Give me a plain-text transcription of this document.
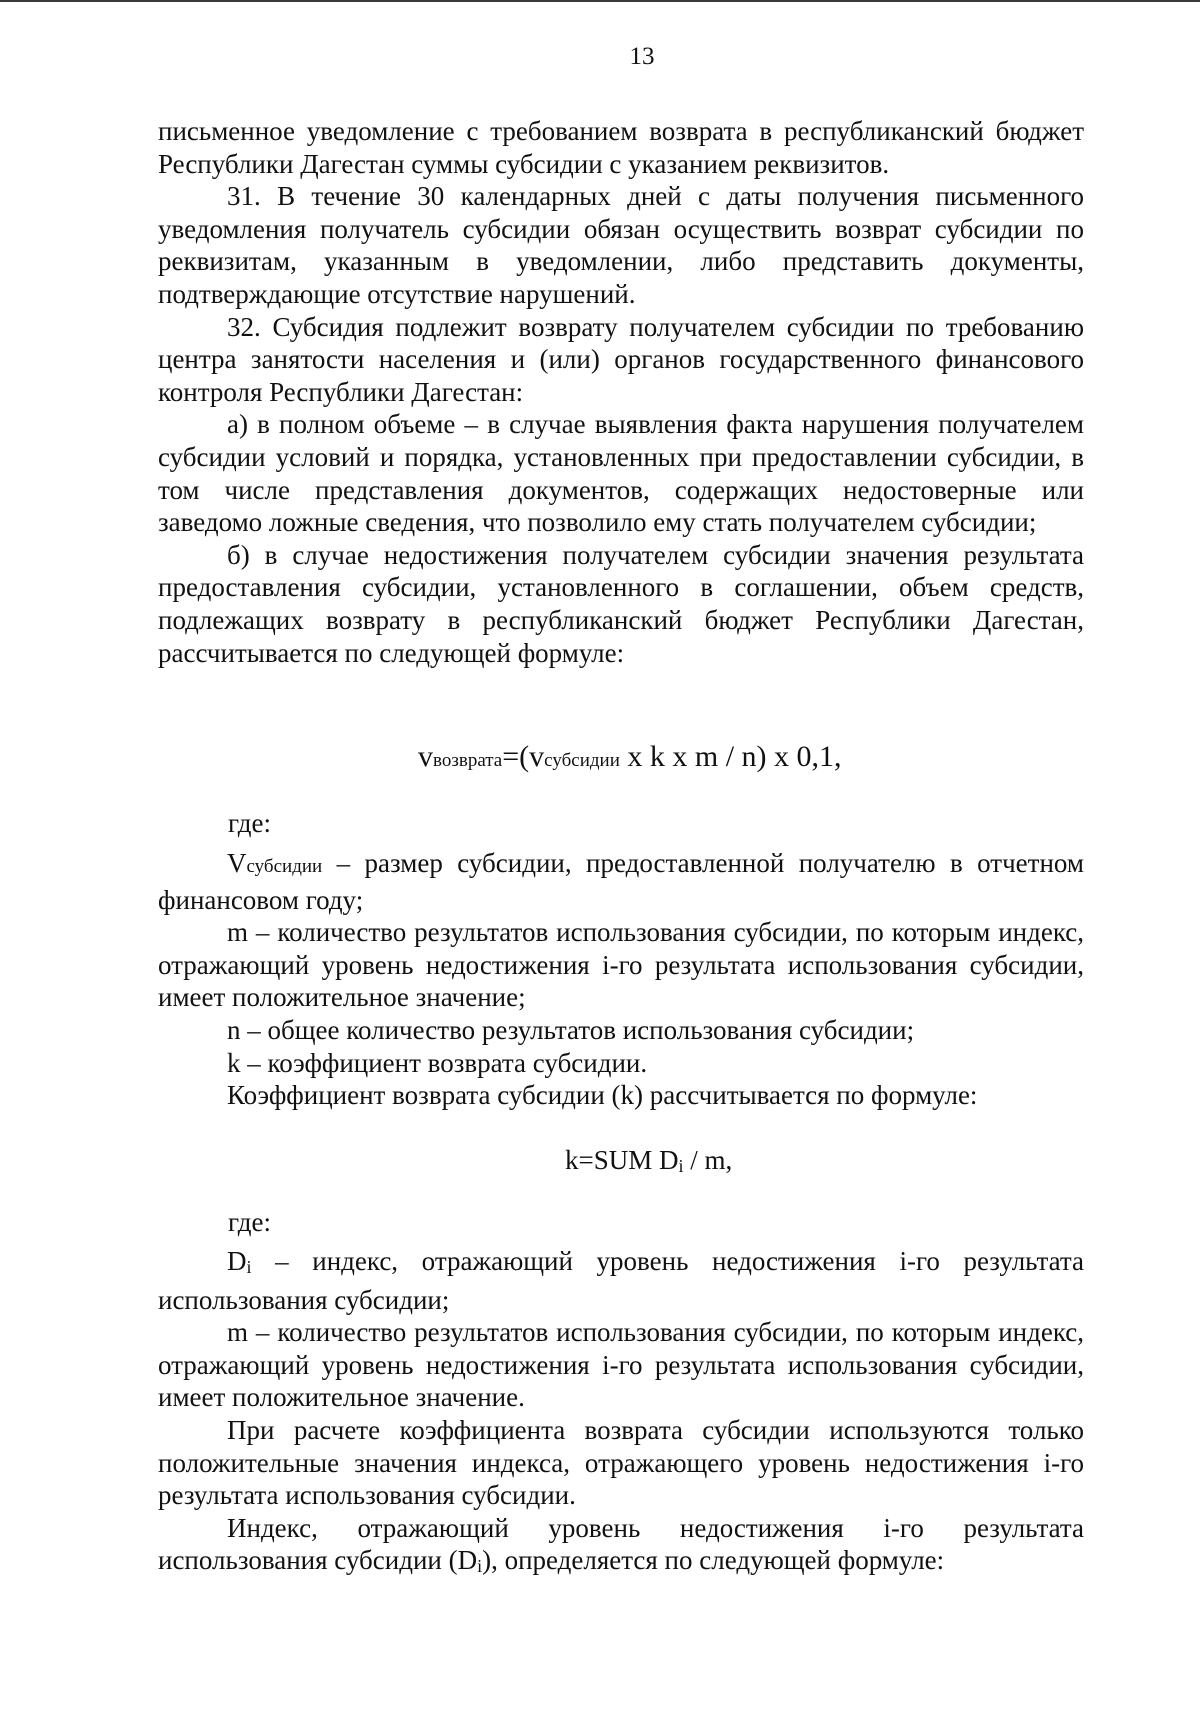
13

письменное уведомление с требованием возврата в республиканский бюджет Республики Дагестан суммы субсидии с указанием реквизитов.

31. В течение 30 календарных дней с даты получения письменного уведомления получатель субсидии обязан осуществить возврат субсидии по реквизитам, указанным в уведомлении, либо представить документы, подтверждающие отсутствие нарушений.

32. Субсидия подлежит возврату получателем субсидии по требованию центра занятости населения и (или) органов государственного финансового контроля Республики Дагестан:

а) в полном объеме – в случае выявления факта нарушения получателем субсидии условий и порядка, установленных при предоставлении субсидии, в том числе представления документов, содержащих недостоверные или заведомо ложные сведения, что позволило ему стать получателем субсидии;

б) в случае недостижения получателем субсидии значения результата предоставления субсидии, установленного в соглашении, объем средств, подлежащих возврату в республиканский бюджет Республики Дагестан, рассчитывается по следующей формуле:

vвозврата=(vсубсидии x k x m / n) x 0,1,
где:

Vсубсидии – размер субсидии, предоставленной получателю в отчетном финансовом году;

m – количество результатов использования субсидии, по которым индекс, отражающий уровень недостижения i-го результата использования субсидии, имеет положительное значение;

n – общее количество результатов использования субсидии;

k – коэффициент возврата субсидии.

Коэффициент возврата субсидии (k) рассчитывается по формуле:

k=SUM Di / m,
где:

Di – индекс, отражающий уровень недостижения i-го результата использования субсидии;

m – количество результатов использования субсидии, по которым индекс, отражающий уровень недостижения i-го результата использования субсидии, имеет положительное значение.

При расчете коэффициента возврата субсидии используются только положительные значения индекса, отражающего уровень недостижения i-го результата использования субсидии.

Индекс, отражающий уровень недостижения i-го результата использования субсидии (Di), определяется по следующей формуле:
